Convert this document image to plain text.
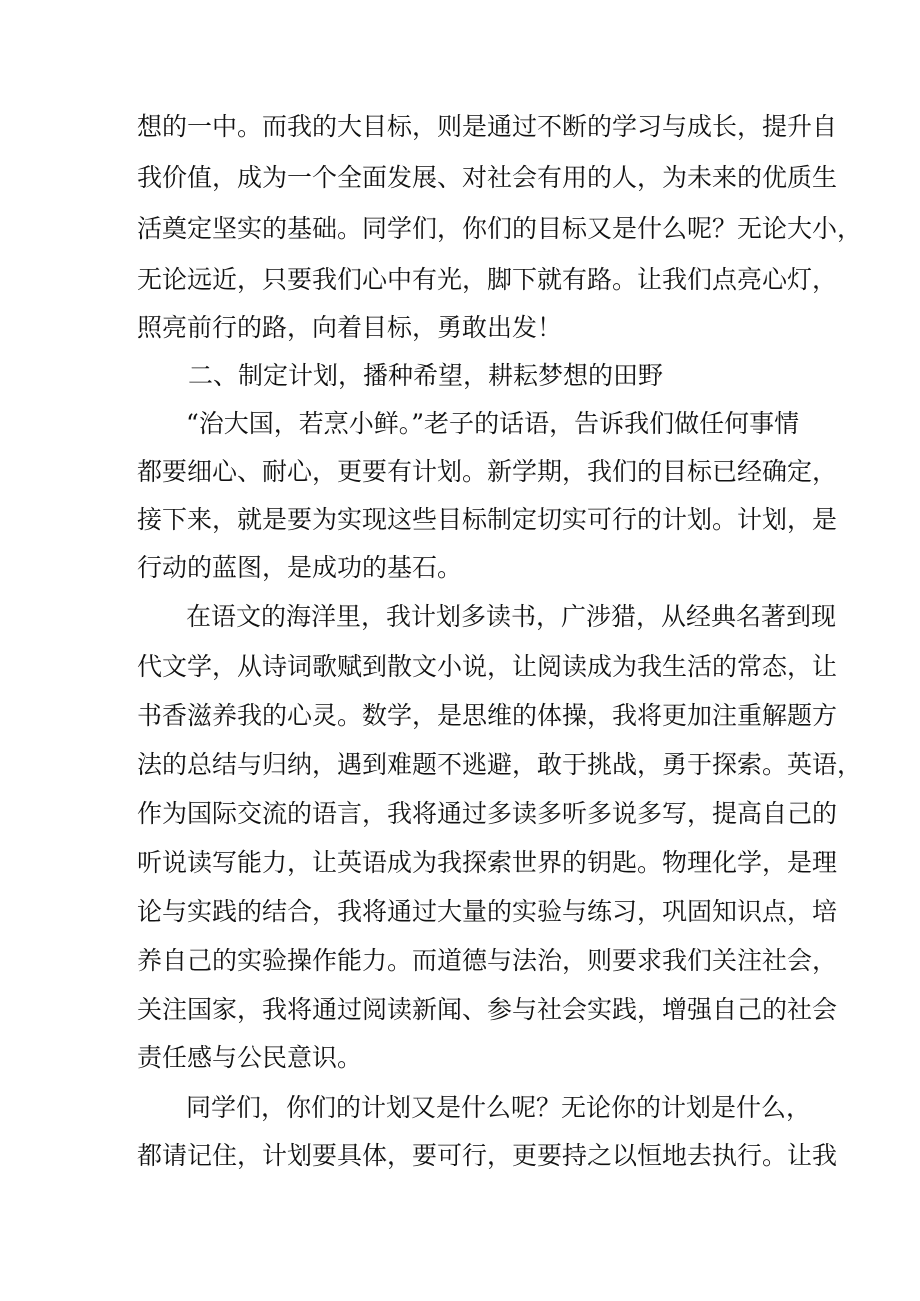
想的一中。而我的大目标，则是通过不断的学习与成长，提升自
我价值，成为一个全面发展、对社会有用的人，为未来的优质生
活奠定坚实的基础。同学们，你们的目标又是什么呢？无论大小，
无论远近，只要我们心中有光，脚下就有路。让我们点亮心灯，
照亮前行的路，向着目标，勇敢出发！
二、制定计划，播种希望，耕耘梦想的田野
“治大国，若烹小鲜。”老子的话语，告诉我们做任何事情
都要细心、耐心，更要有计划。新学期，我们的目标已经确定，
接下来，就是要为实现这些目标制定切实可行的计划。计划，是
行动的蓝图，是成功的基石。
在语文的海洋里，我计划多读书，广涉猎，从经典名著到现
代文学，从诗词歌赋到散文小说，让阅读成为我生活的常态，让
书香滋养我的心灵。数学，是思维的体操，我将更加注重解题方
法的总结与归纳，遇到难题不逃避，敢于挑战，勇于探索。英语，
作为国际交流的语言，我将通过多读多听多说多写，提高自己的
听说读写能力，让英语成为我探索世界的钥匙。物理化学，是理
论与实践的结合，我将通过大量的实验与练习，巩固知识点，培
养自己的实验操作能力。而道德与法治，则要求我们关注社会，
关注国家，我将通过阅读新闻、参与社会实践，增强自己的社会
责任感与公民意识。
同学们，你们的计划又是什么呢？无论你的计划是什么，
都请记住，计划要具体，要可行，更要持之以恒地去执行。让我
